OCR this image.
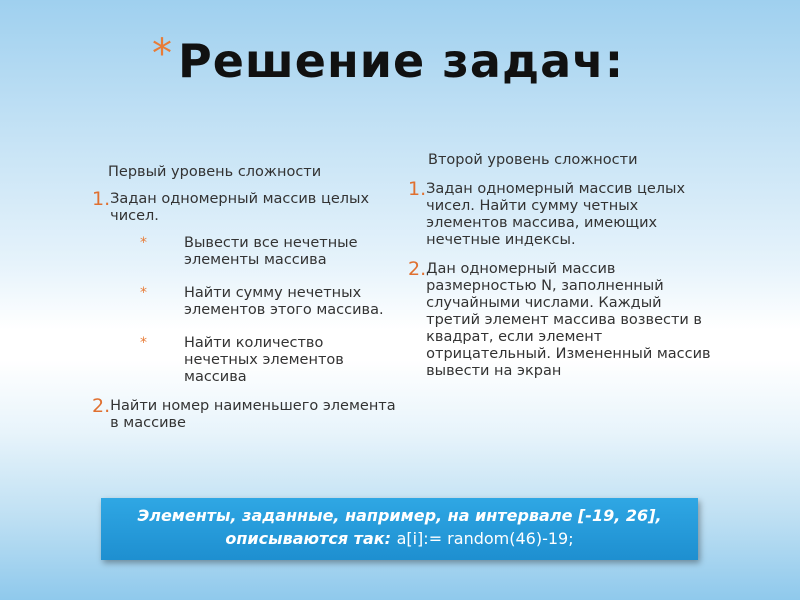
* Решение задач:
Первый уровень сложности
1. Задан одномерный массив целых чисел.
*	Вывести все нечетные элементы массива
*	Найти сумму нечетных элементов этого массива.
*	Найти количество нечетных элементов массива
2. Найти номер наименьшего элемента в массиве
Второй уровень сложности
1. Задан одномерный массив целых чисел. Найти сумму четных элементов массива, имеющих нечетные индексы.
2. Дан одномерный массив размерностью N, заполненный случайными числами. Каждый третий элемент массива возвести в квадрат, если элемент отрицательный. Измененный массив вывести на экран
Элементы, заданные, например, на интервале [-19, 26],
описываются так: a[i]:= random(46)-19;
